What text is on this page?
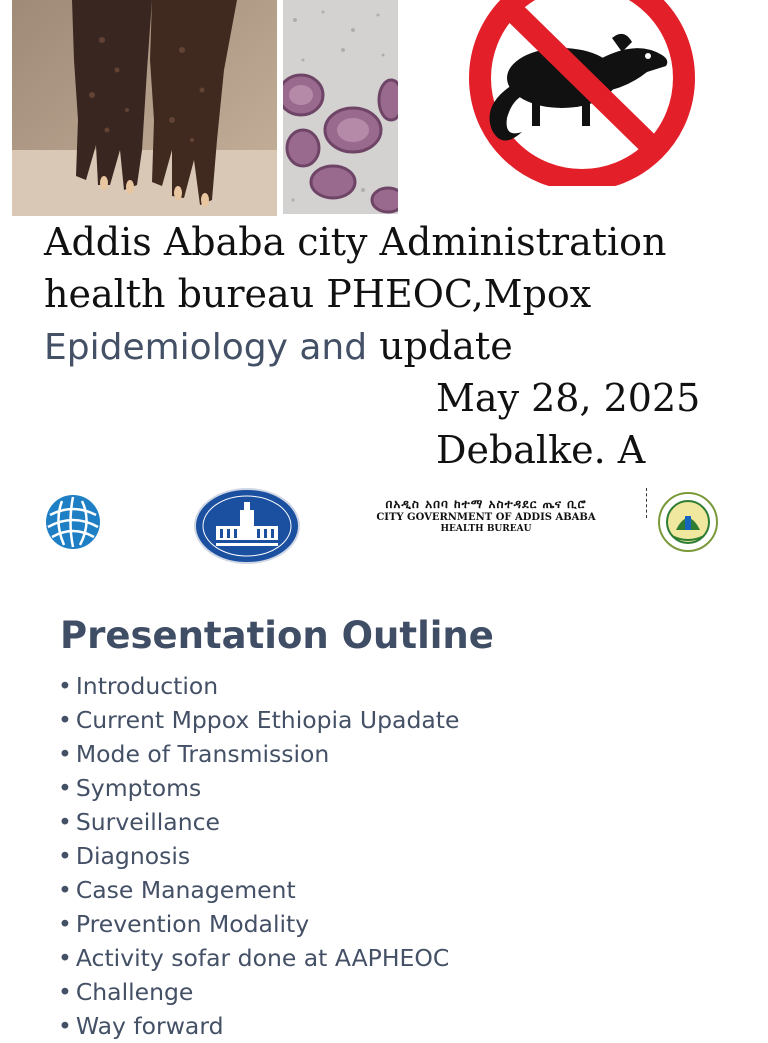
Addis Ababa city Administration
health bureau PHEOC,Mpox
Epidemiology and update
May 28, 2025
Debalke. A
በአዲስ አበባ ከተማ አስተዳደር ጤና ቢሮ
CITY GOVERNMENT OF ADDIS ABABA
HEALTH BUREAU
Presentation Outline
• Introduction
• Current Mppox Ethiopia Upadate
• Mode of Transmission
• Symptoms
• Surveillance
• Diagnosis
• Case Management
• Prevention Modality
• Activity sofar done at AAPHEOC
• Challenge
• Way forward
